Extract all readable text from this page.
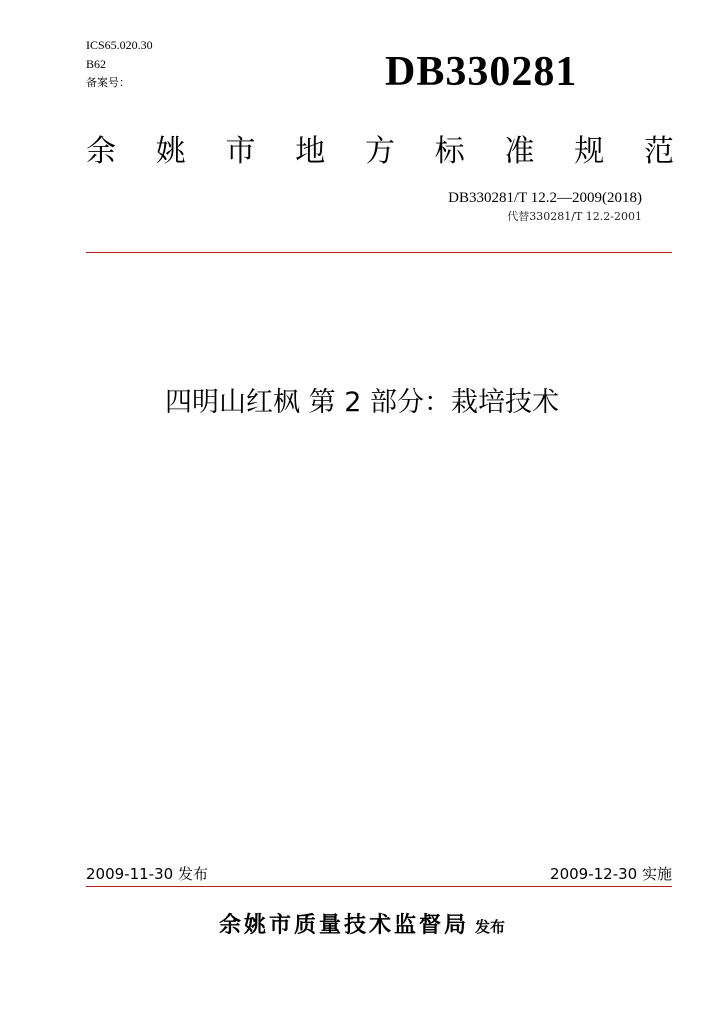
ICS65.020.30
B62
备案号：	DB330281
余 姚 市 地 方 标 准 规 范
DB330281/T 12.2—2009(2018)
代替330281/T 12.2-2001
四明山红枫 第 2 部分：栽培技术
2009-11-30 发布	2009-12-30 实施
余姚市质量技术监督局 发布
